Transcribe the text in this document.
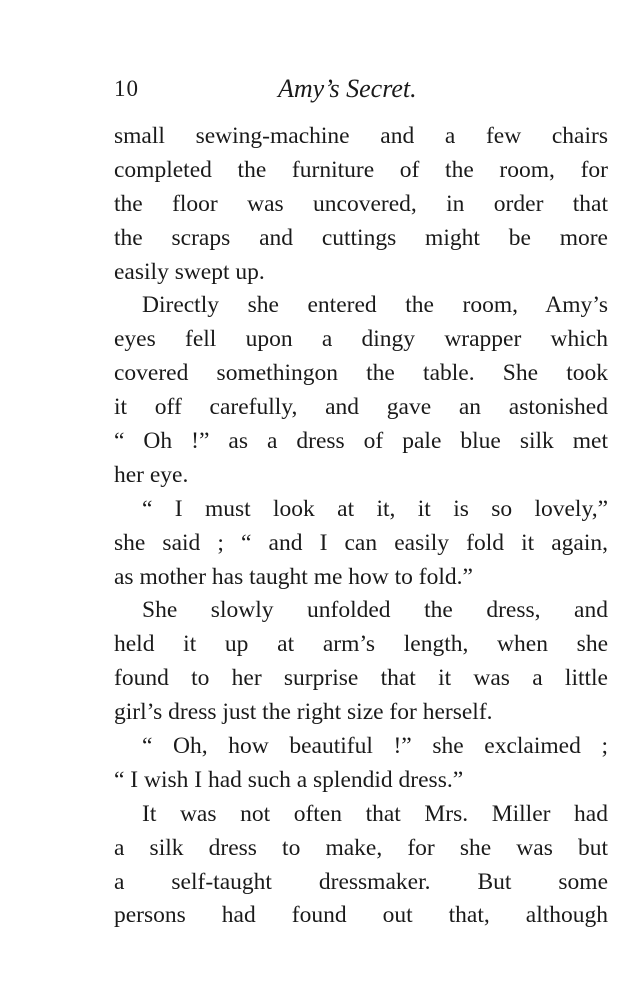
10	Amy’s Secret.
small sewing-machine and a few chairs
completed the furniture of the room, for
the floor was uncovered, in order that
the scraps and cuttings might be more
easily swept up.
Directly she entered the room, Amy’s
eyes fell upon a dingy wrapper which
covered somethingon the table. She took
it off carefully, and gave an astonished
“ Oh !” as a dress of pale blue silk met
her eye.
“ I must look at it, it is so lovely,”
she said ; “ and I can easily fold it again,
as mother has taught me how to fold.”
She slowly unfolded the dress, and
held it up at arm’s length, when she
found to her surprise that it was a little
girl’s dress just the right size for herself.
“ Oh, how beautiful !” she exclaimed ;
“ I wish I had such a splendid dress.”
It was not often that Mrs. Miller had
a silk dress to make, for she was but
a self-taught dressmaker. But some
persons had found out that, although
